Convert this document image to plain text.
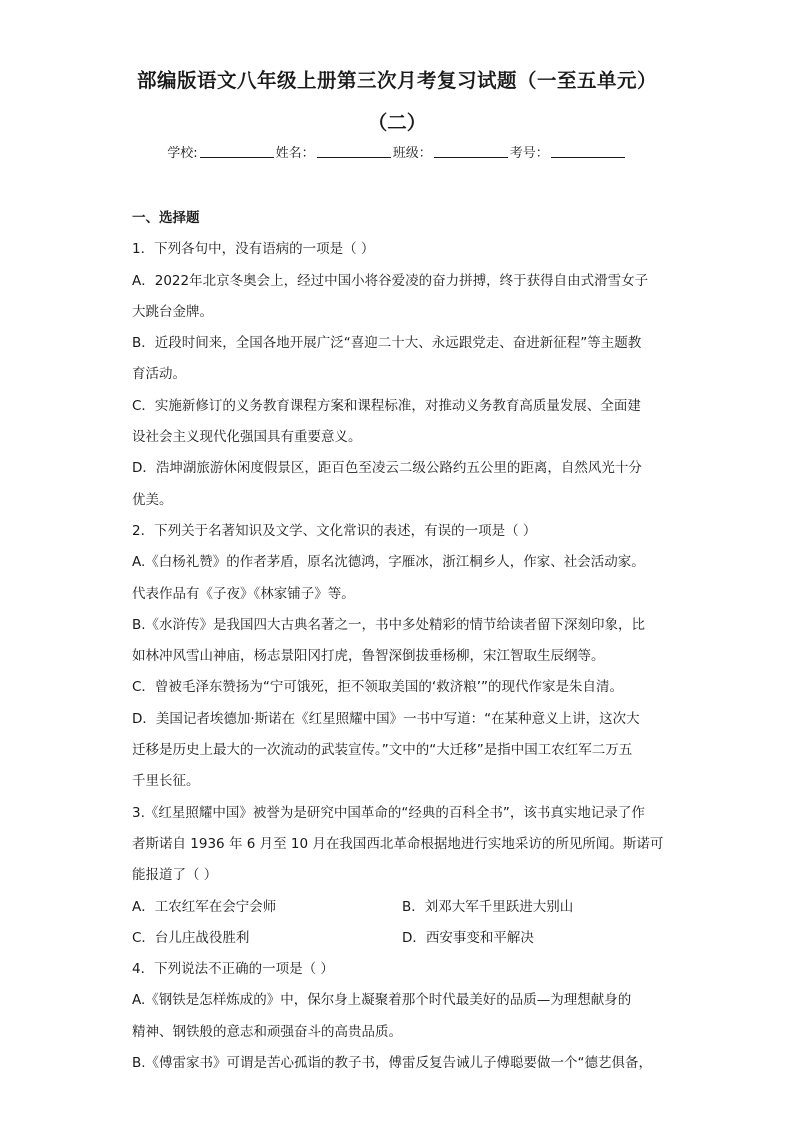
部编版语文八年级上册第三次月考复习试题（一至五单元）
（二）
学校:	姓名：	班级：	考号：
一、选择题
1．下列各句中，没有语病的一项是（ ）
A．2022年北京冬奥会上，经过中国小将谷爱凌的奋力拼搏，终于获得自由式滑雪女子
大跳台金牌。
B．近段时间来，全国各地开展广泛“喜迎二十大、永远跟党走、奋进新征程”等主题教
育活动。
C．实施新修订的义务教育课程方案和课程标准，对推动义务教育高质量发展、全面建
设社会主义现代化强国具有重要意义。
D．浩坤湖旅游休闲度假景区，距百色至凌云二级公路约五公里的距离，自然风光十分
优美。
2．下列关于名著知识及文学、文化常识的表述，有误的一项是（ ）
A.《白杨礼赞》的作者茅盾，原名沈德鸿，字雁冰，浙江桐乡人，作家、社会活动家。
代表作品有《子夜》《林家铺子》等。
B.《水浒传》是我国四大古典名著之一，书中多处精彩的情节给读者留下深刻印象，比
如林冲风雪山神庙，杨志景阳冈打虎，鲁智深倒拔垂杨柳，宋江智取生辰纲等。
C．曾被毛泽东赞扬为“宁可饿死，拒不领取美国的‘救济粮’”的现代作家是朱自清。
D．美国记者埃德加·斯诺在《红星照耀中国》一书中写道：“在某种意义上讲，这次大
迁移是历史上最大的一次流动的武装宣传。”文中的“大迁移”是指中国工农红军二万五
千里长征。
3.《红星照耀中国》被誉为是研究中国革命的“经典的百科全书”，该书真实地记录了作
者斯诺自 1936 年 6 月至 10 月在我国西北革命根据地进行实地采访的所见所闻。斯诺可
能报道了（ ）
A．工农红军在会宁会师	B．刘邓大军千里跃进大别山
C．台儿庄战役胜利	D．西安事变和平解决
4．下列说法不正确的一项是（ ）
A.《钢铁是怎样炼成的》中，保尔身上凝聚着那个时代最美好的品质—为理想献身的
精神、钢铁般的意志和顽强奋斗的高贵品质。
B.《傅雷家书》可谓是苦心孤诣的教子书，傅雷反复告诫儿子傅聪要做一个“德艺俱备，
